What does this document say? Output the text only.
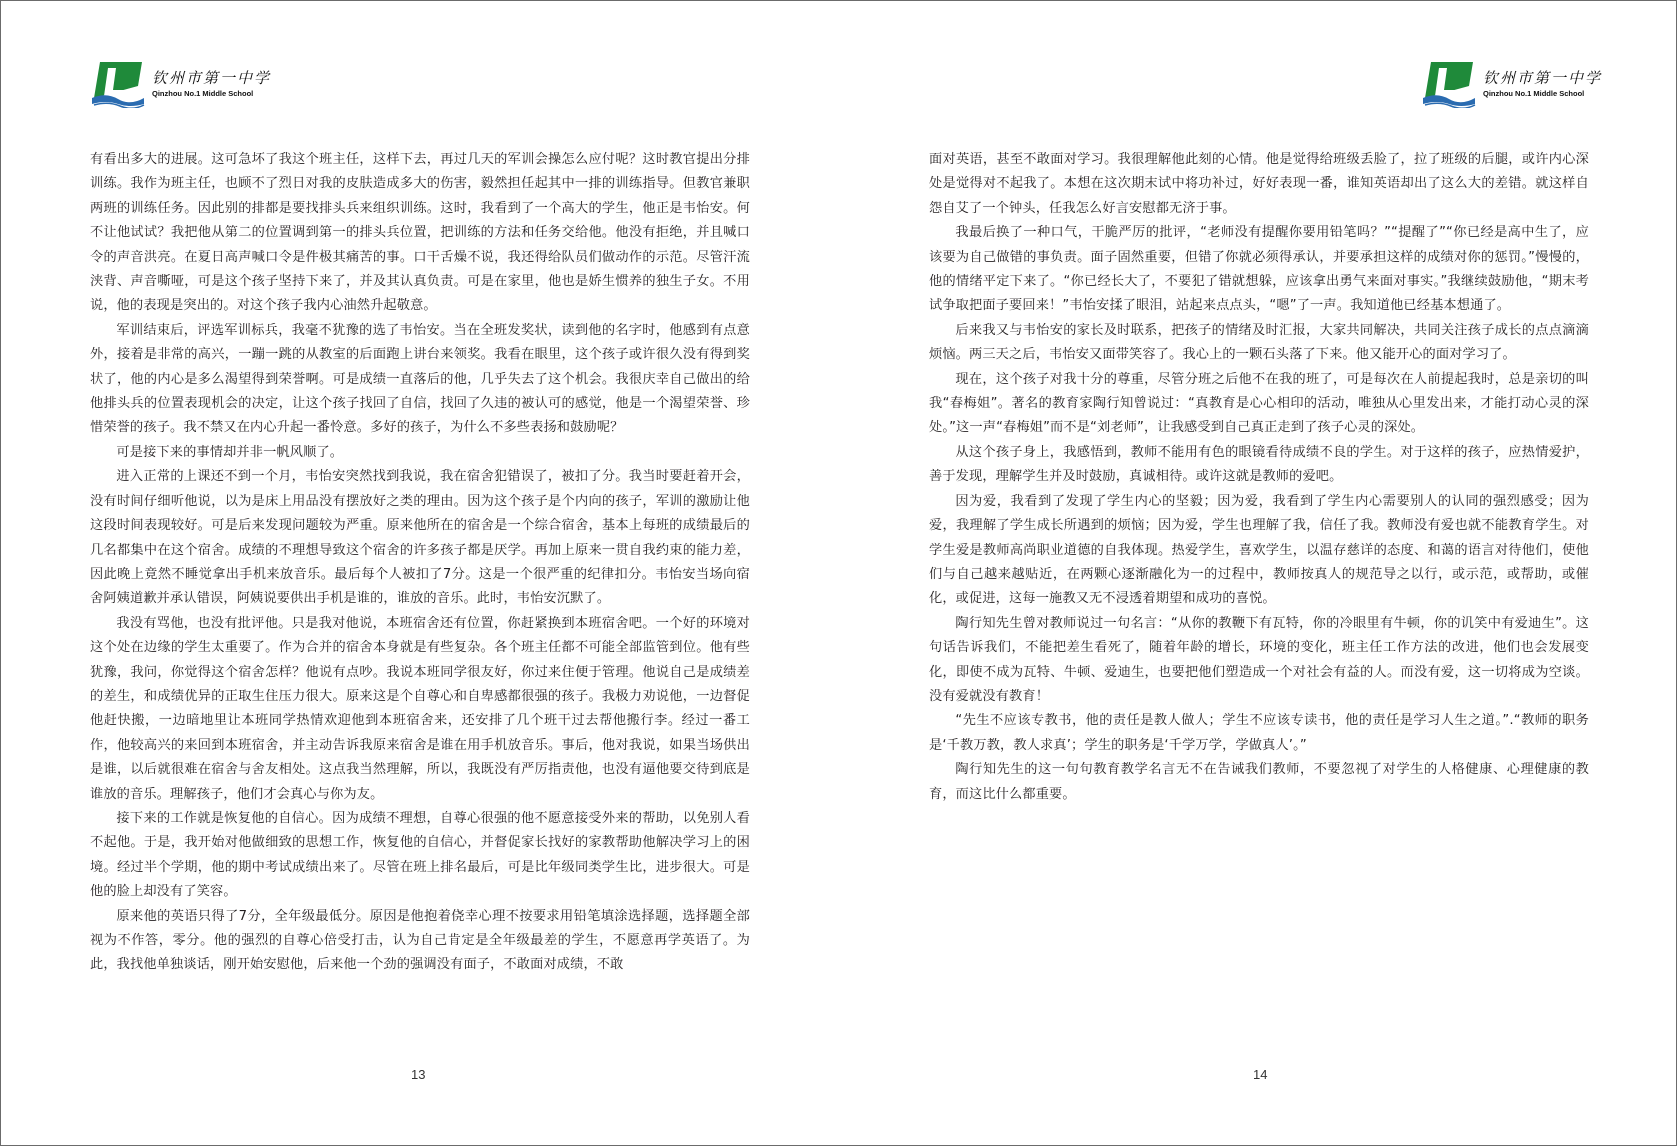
钦州市第一中学
Qinzhou No.1 Middle School

有看出多大的进展。这可急坏了我这个班主任，这样下去，再过几天的军训会操怎么应付呢？这时教官提出分排训练。我作为班主任，也顾不了烈日对我的皮肤造成多大的伤害，毅然担任起其中一排的训练指导。但教官兼职两班的训练任务。因此别的排都是要找排头兵来组织训练。这时，我看到了一个高大的学生，他正是韦怡安。何不让他试试？我把他从第二的位置调到第一的排头兵位置，把训练的方法和任务交给他。他没有拒绝，并且喊口令的声音洪亮。在夏日高声喊口令是件极其痛苦的事。口干舌燥不说，我还得给队员们做动作的示范。尽管汗流浃背、声音嘶哑，可是这个孩子坚持下来了，并及其认真负责。可是在家里，他也是娇生惯养的独生子女。不用说，他的表现是突出的。对这个孩子我内心油然升起敬意。

军训结束后，评选军训标兵，我毫不犹豫的选了韦怡安。当在全班发奖状，读到他的名字时，他感到有点意外，接着是非常的高兴，一蹦一跳的从教室的后面跑上讲台来领奖。我看在眼里，这个孩子或许很久没有得到奖状了，他的内心是多么渴望得到荣誉啊。可是成绩一直落后的他，几乎失去了这个机会。我很庆幸自己做出的给他排头兵的位置表现机会的决定，让这个孩子找回了自信，找回了久违的被认可的感觉，他是一个渴望荣誉、珍惜荣誉的孩子。我不禁又在内心升起一番怜意。多好的孩子，为什么不多些表扬和鼓励呢？

可是接下来的事情却并非一帆风顺了。

进入正常的上课还不到一个月，韦怡安突然找到我说，我在宿舍犯错误了，被扣了分。我当时要赶着开会，没有时间仔细听他说，以为是床上用品没有摆放好之类的理由。因为这个孩子是个内向的孩子，军训的激励让他这段时间表现较好。可是后来发现问题较为严重。原来他所在的宿舍是一个综合宿舍，基本上每班的成绩最后的几名都集中在这个宿舍。成绩的不理想导致这个宿舍的许多孩子都是厌学。再加上原来一贯自我约束的能力差，因此晚上竟然不睡觉拿出手机来放音乐。最后每个人被扣了7分。这是一个很严重的纪律扣分。韦怡安当场向宿舍阿姨道歉并承认错误，阿姨说要供出手机是谁的，谁放的音乐。此时，韦怡安沉默了。

我没有骂他，也没有批评他。只是我对他说，本班宿舍还有位置，你赶紧换到本班宿舍吧。一个好的环境对这个处在边缘的学生太重要了。作为合并的宿舍本身就是有些复杂。各个班主任都不可能全部监管到位。他有些犹豫，我问，你觉得这个宿舍怎样？他说有点吵。我说本班同学很友好，你过来住便于管理。他说自己是成绩差的差生，和成绩优异的正取生住压力很大。原来这是个自尊心和自卑感都很强的孩子。我极力劝说他，一边督促他赶快搬，一边暗地里让本班同学热情欢迎他到本班宿舍来，还安排了几个班干过去帮他搬行李。经过一番工作，他较高兴的来回到本班宿舍，并主动告诉我原来宿舍是谁在用手机放音乐。事后，他对我说，如果当场供出是谁，以后就很难在宿舍与舍友相处。这点我当然理解，所以，我既没有严厉指责他，也没有逼他要交待到底是谁放的音乐。理解孩子，他们才会真心与你为友。

接下来的工作就是恢复他的自信心。因为成绩不理想，自尊心很强的他不愿意接受外来的帮助，以免别人看不起他。于是，我开始对他做细致的思想工作，恢复他的自信心，并督促家长找好的家教帮助他解决学习上的困境。经过半个学期，他的期中考试成绩出来了。尽管在班上排名最后，可是比年级同类学生比，进步很大。可是他的脸上却没有了笑容。

原来他的英语只得了7分，全年级最低分。原因是他抱着侥幸心理不按要求用铅笔填涂选择题，选择题全部视为不作答，零分。他的强烈的自尊心倍受打击，认为自己肯定是全年级最差的学生，不愿意再学英语了。为此，我找他单独谈话，刚开始安慰他，后来他一个劲的强调没有面子，不敢面对成绩，不敢

13
钦州市第一中学
Qinzhou No.1 Middle School

面对英语，甚至不敢面对学习。我很理解他此刻的心情。他是觉得给班级丢脸了，拉了班级的后腿，或许内心深处是觉得对不起我了。本想在这次期末试中将功补过，好好表现一番，谁知英语却出了这么大的差错。就这样自怨自艾了一个钟头，任我怎么好言安慰都无济于事。

我最后换了一种口气，干脆严厉的批评，“老师没有提醒你要用铅笔吗？”“提醒了”“你已经是高中生了，应该要为自己做错的事负责。面子固然重要，但错了你就必须得承认，并要承担这样的成绩对你的惩罚。”慢慢的，他的情绪平定下来了。“你已经长大了，不要犯了错就想躲，应该拿出勇气来面对事实。”我继续鼓励他，“期末考试争取把面子要回来！”韦怡安揉了眼泪，站起来点点头，“嗯”了一声。我知道他已经基本想通了。

后来我又与韦怡安的家长及时联系，把孩子的情绪及时汇报，大家共同解决，共同关注孩子成长的点点滴滴烦恼。两三天之后，韦怡安又面带笑容了。我心上的一颗石头落了下来。他又能开心的面对学习了。

现在，这个孩子对我十分的尊重，尽管分班之后他不在我的班了，可是每次在人前提起我时，总是亲切的叫我“春梅姐”。著名的教育家陶行知曾说过：“真教育是心心相印的活动，唯独从心里发出来，才能打动心灵的深处。”这一声“春梅姐”而不是“刘老师”，让我感受到自己真正走到了孩子心灵的深处。

从这个孩子身上，我感悟到，教师不能用有色的眼镜看待成绩不良的学生。对于这样的孩子，应热情爱护，善于发现，理解学生并及时鼓励，真诚相待。或许这就是教师的爱吧。

因为爱，我看到了发现了学生内心的坚毅；因为爱，我看到了学生内心需要别人的认同的强烈感受；因为爱，我理解了学生成长所遇到的烦恼；因为爱，学生也理解了我，信任了我。教师没有爱也就不能教育学生。对学生爱是教师高尚职业道德的自我体现。热爱学生，喜欢学生，以温存慈详的态度、和蔼的语言对待他们，使他们与自己越来越贴近，在两颗心逐渐融化为一的过程中，教师按真人的规范导之以行，或示范，或帮助，或催化，或促进，这每一施教又无不浸透着期望和成功的喜悦。

陶行知先生曾对教师说过一句名言：“从你的教鞭下有瓦特，你的冷眼里有牛顿，你的讥笑中有爱迪生”。这句话告诉我们，不能把差生看死了，随着年龄的增长，环境的变化，班主任工作方法的改进，他们也会发展变化，即使不成为瓦特、牛顿、爱迪生，也要把他们塑造成一个对社会有益的人。而没有爱，这一切将成为空谈。没有爱就没有教育！

“先生不应该专教书，他的责任是教人做人；学生不应该专读书，他的责任是学习人生之道。”.“教师的职务是‘千教万教，教人求真’；学生的职务是‘千学万学，学做真人’。”

陶行知先生的这一句句教育教学名言无不在告诫我们教师，不要忽视了对学生的人格健康、心理健康的教育，而这比什么都重要。

14
